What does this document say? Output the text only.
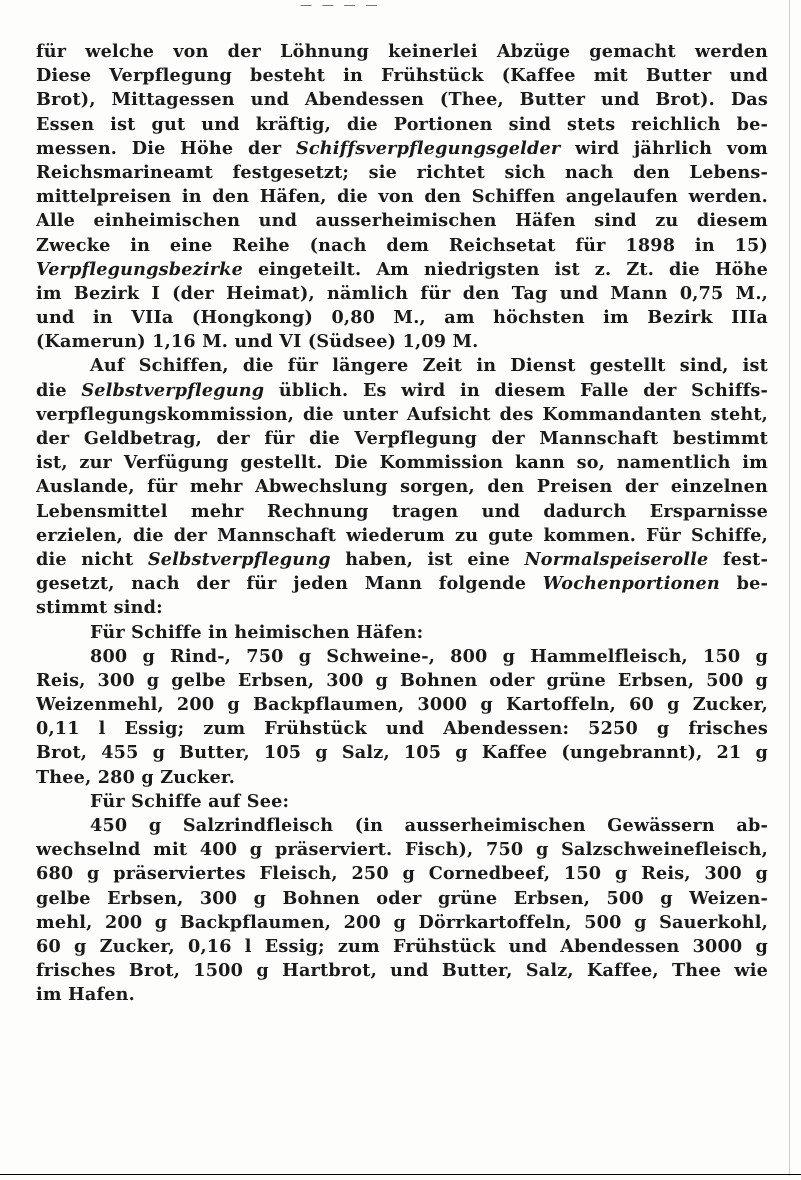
— — — —
für welche von der Löhnung keinerlei Abzüge gemacht werden
Diese Verpflegung besteht in Frühstück (Kaffee mit Butter und
Brot), Mittagessen und Abendessen (Thee, Butter und Brot). Das
Essen ist gut und kräftig, die Portionen sind stets reichlich be-
messen. Die Höhe der Schiffsverpflegungsgelder wird jährlich vom
Reichsmarineamt festgesetzt; sie richtet sich nach den Lebens-
mittelpreisen in den Häfen, die von den Schiffen angelaufen werden.
Alle einheimischen und ausserheimischen Häfen sind zu diesem
Zwecke in eine Reihe (nach dem Reichsetat für 1898 in 15)
Verpflegungsbezirke eingeteilt. Am niedrigsten ist z. Zt. die Höhe
im Bezirk I (der Heimat), nämlich für den Tag und Mann 0,75 M.,
und in VIIa (Hongkong) 0,80 M., am höchsten im Bezirk IIIa
(Kamerun) 1,16 M. und VI (Südsee) 1,09 M.
Auf Schiffen, die für längere Zeit in Dienst gestellt sind, ist
die Selbstverpflegung üblich. Es wird in diesem Falle der Schiffs-
verpflegungskommission, die unter Aufsicht des Kommandanten steht,
der Geldbetrag, der für die Verpflegung der Mannschaft bestimmt
ist, zur Verfügung gestellt. Die Kommission kann so, namentlich im
Auslande, für mehr Abwechslung sorgen, den Preisen der einzelnen
Lebensmittel mehr Rechnung tragen und dadurch Ersparnisse
erzielen, die der Mannschaft wiederum zu gute kommen. Für Schiffe,
die nicht Selbstverpflegung haben, ist eine Normalspeiserolle fest-
gesetzt, nach der für jeden Mann folgende Wochenportionen be-
stimmt sind:
Für Schiffe in heimischen Häfen:
800 g Rind-, 750 g Schweine-, 800 g Hammelfleisch, 150 g
Reis, 300 g gelbe Erbsen, 300 g Bohnen oder grüne Erbsen, 500 g
Weizenmehl, 200 g Backpflaumen, 3000 g Kartoffeln, 60 g Zucker,
0,11 l Essig; zum Frühstück und Abendessen: 5250 g frisches
Brot, 455 g Butter, 105 g Salz, 105 g Kaffee (ungebrannt), 21 g
Thee, 280 g Zucker.
Für Schiffe auf See:
450 g Salzrindfleisch (in ausserheimischen Gewässern ab-
wechselnd mit 400 g präserviert. Fisch), 750 g Salzschweinefleisch,
680 g präserviertes Fleisch, 250 g Cornedbeef, 150 g Reis, 300 g
gelbe Erbsen, 300 g Bohnen oder grüne Erbsen, 500 g Weizen-
mehl, 200 g Backpflaumen, 200 g Dörrkartoffeln, 500 g Sauerkohl,
60 g Zucker, 0,16 l Essig; zum Frühstück und Abendessen 3000 g
frisches Brot, 1500 g Hartbrot, und Butter, Salz, Kaffee, Thee wie
im Hafen.
